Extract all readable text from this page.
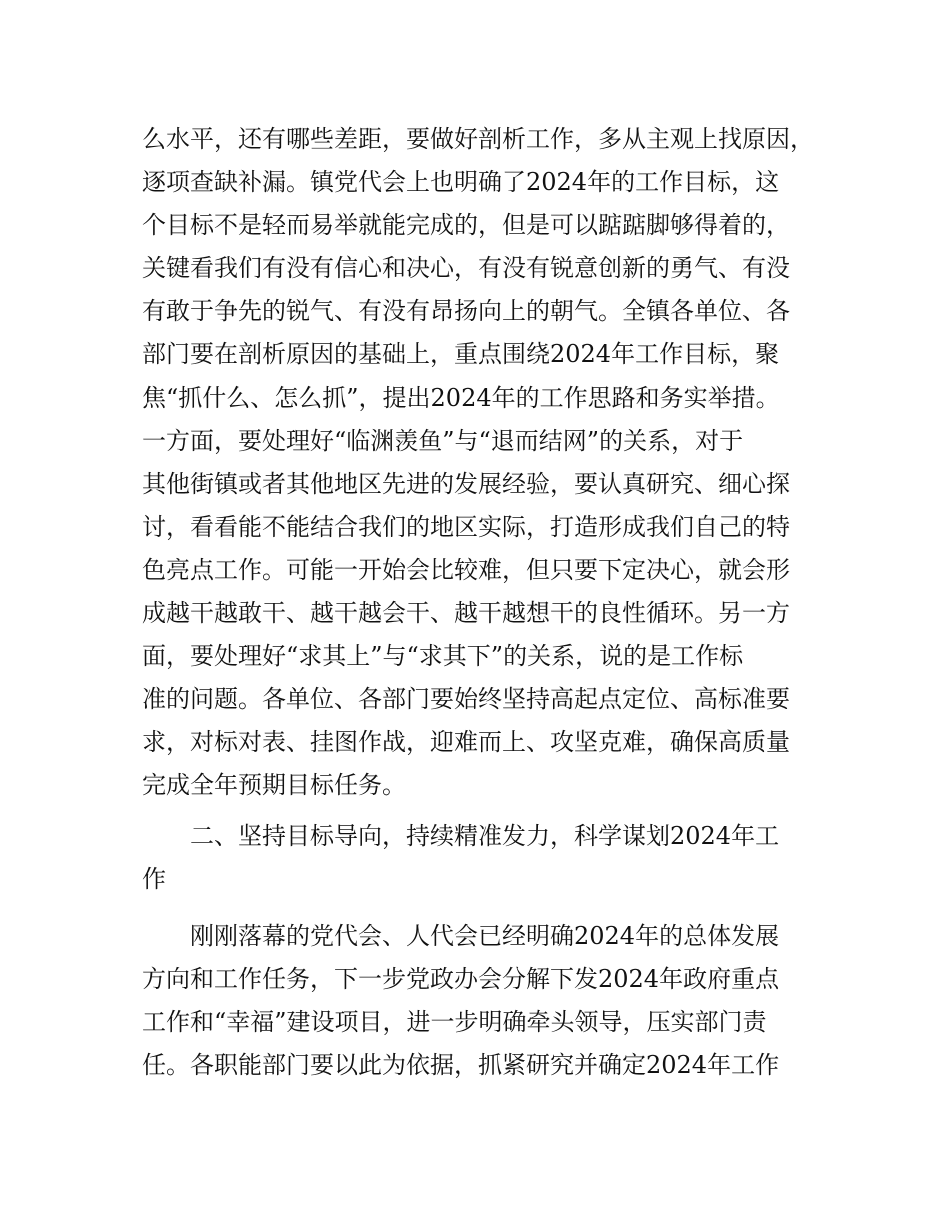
么水平，还有哪些差距，要做好剖析工作，多从主观上找原因，
逐项查缺补漏。镇党代会上也明确了2024年的工作目标，这
个目标不是轻而易举就能完成的，但是可以踮踮脚够得着的，
关键看我们有没有信心和决心，有没有锐意创新的勇气、有没
有敢于争先的锐气、有没有昂扬向上的朝气。全镇各单位、各
部门要在剖析原因的基础上，重点围绕2024年工作目标，聚
焦“抓什么、怎么抓”，提出2024年的工作思路和务实举措。
一方面，要处理好“临渊羡鱼”与“退而结网”的关系，对于
其他街镇或者其他地区先进的发展经验，要认真研究、细心探
讨，看看能不能结合我们的地区实际，打造形成我们自己的特
色亮点工作。可能一开始会比较难，但只要下定决心，就会形
成越干越敢干、越干越会干、越干越想干的良性循环。另一方
面，要处理好“求其上”与“求其下”的关系，说的是工作标
准的问题。各单位、各部门要始终坚持高起点定位、高标准要
求，对标对表、挂图作战，迎难而上、攻坚克难，确保高质量
完成全年预期目标任务。
二、坚持目标导向，持续精准发力，科学谋划2024年工
作
刚刚落幕的党代会、人代会已经明确2024年的总体发展
方向和工作任务，下一步党政办会分解下发2024年政府重点
工作和“幸福”建设项目，进一步明确牵头领导，压实部门责
任。各职能部门要以此为依据，抓紧研究并确定2024年工作
